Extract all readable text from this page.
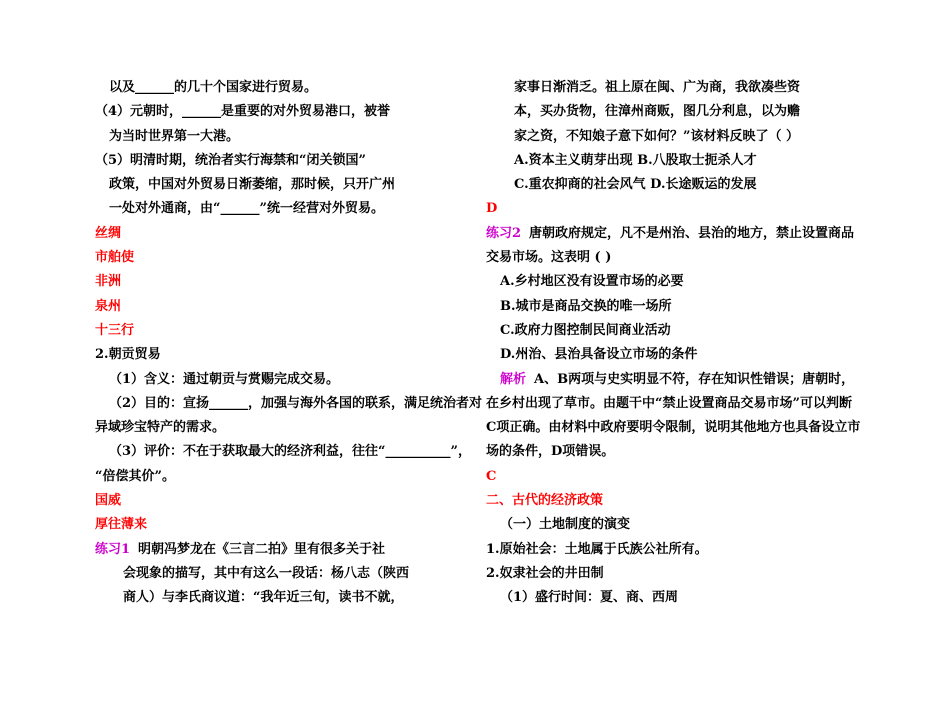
以及______的几十个国家进行贸易。
（4）元朝时，______是重要的对外贸易港口，被誉
为当时世界第一大港。
（5）明清时期，统治者实行海禁和“闭关锁国”
政策，中国对外贸易日渐萎缩，那时候，只开广州
一处对外通商，由“______”统一经营对外贸易。
丝绸
市舶使
非洲
泉州
十三行
2.朝贡贸易
（1）含义：通过朝贡与赏赐完成交易。
（2）目的：宣扬______，加强与海外各国的联系，满足统治者对
异域珍宝特产的需求。
（3）评价：不在于获取最大的经济利益，往往“__________”，
“倍偿其价”。
国威
厚往薄来
练习1 明朝冯梦龙在《三言二拍》里有很多关于社
会现象的描写，其中有这么一段话：杨八志（陕西
商人）与李氏商议道：“我年近三旬，读书不就，
家事日渐消乏。祖上原在闽、广为商，我欲凑些资
本，买办货物，往漳州商贩，图几分利息，以为赡
家之资，不知娘子意下如何？”该材料反映了（ ）
A.资本主义萌芽出现 B.八股取士扼杀人才
C.重农抑商的社会风气 D.长途贩运的发展
D
练习2 唐朝政府规定，凡不是州治、县治的地方，禁止设置商品
交易市场。这表明 ( )
A.乡村地区没有设置市场的必要
B.城市是商品交换的唯一场所
C.政府力图控制民间商业活动
D.州治、县治具备设立市场的条件
解析 A、B两项与史实明显不符，存在知识性错误；唐朝时，
在乡村出现了草市。由题干中“禁止设置商品交易市场”可以判断
C项正确。由材料中政府要明令限制，说明其他地方也具备设立市
场的条件，D项错误。
C
二、古代的经济政策
（一）土地制度的演变
1.原始社会：土地属于氏族公社所有。
2.奴隶社会的井田制
（1）盛行时间：夏、商、西周
